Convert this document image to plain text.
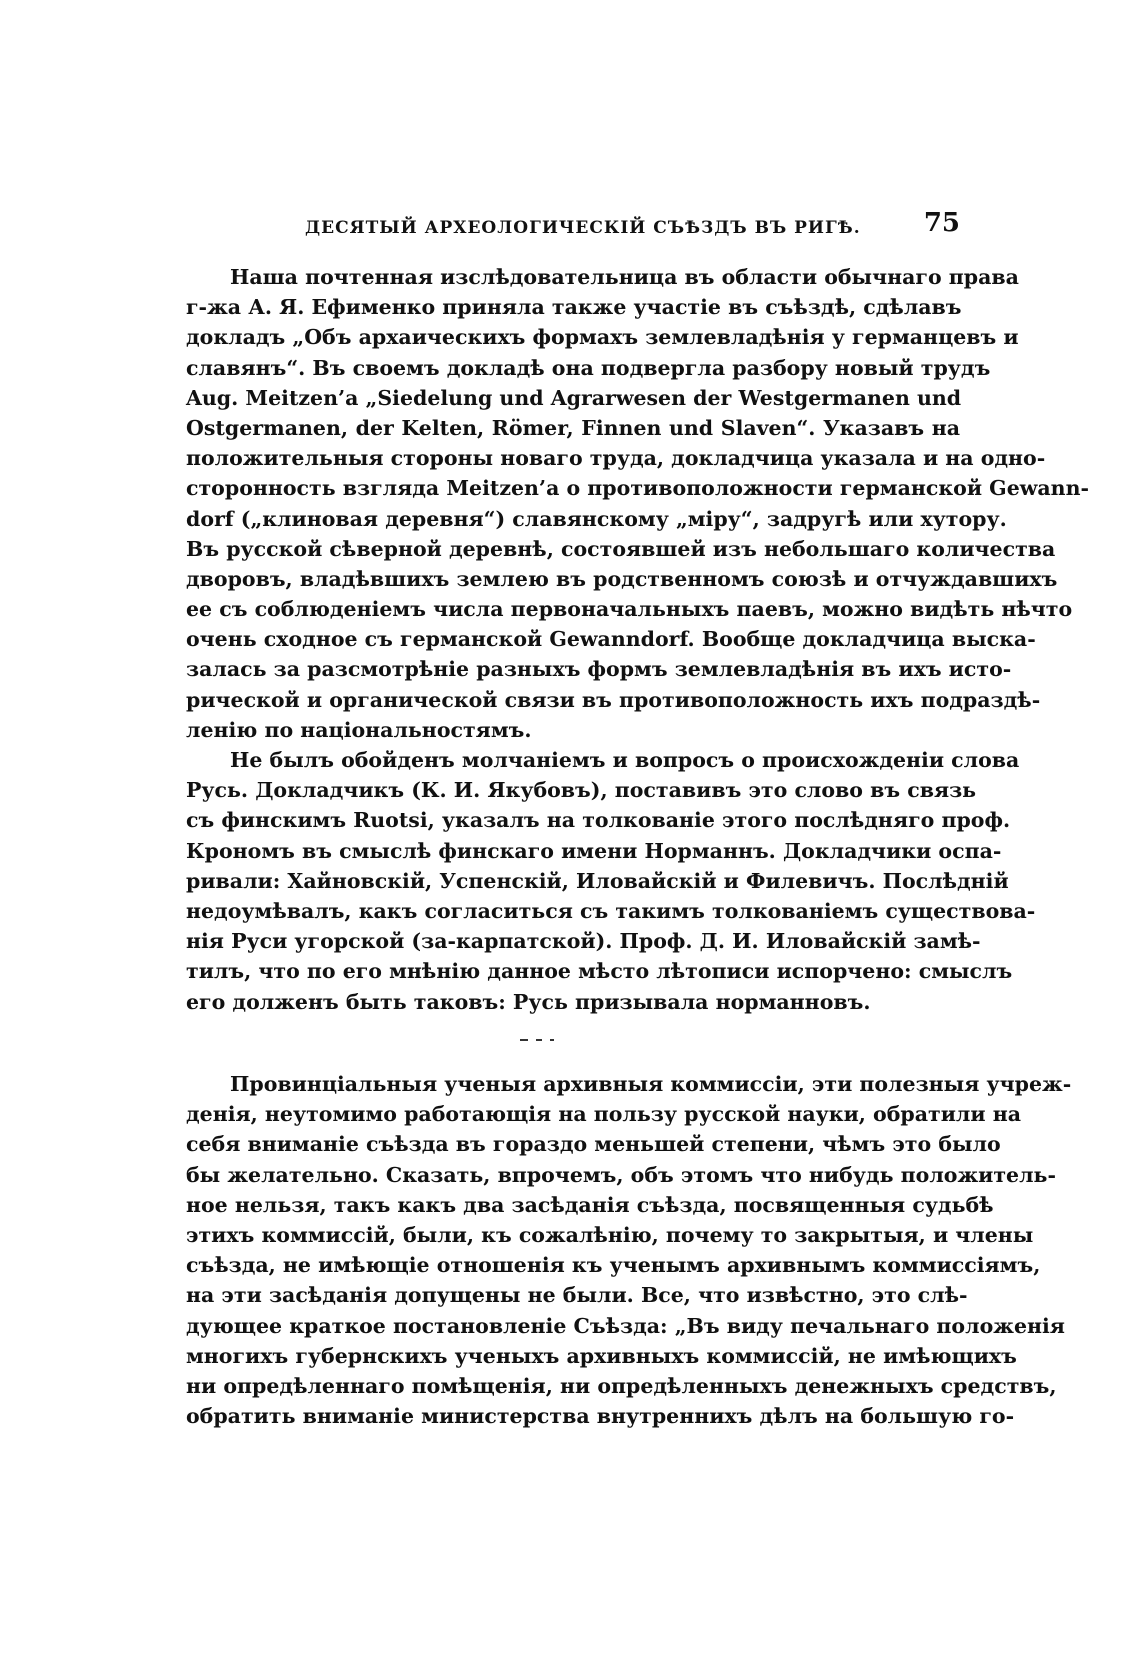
ДЕСЯТЫЙ АРХЕОЛОГИЧЕСКІЙ СЪѢЗДЪ ВЪ РИГѢ. 75
Наша почтенная изслѣдовательница въ области обычнаго права
г-жа А. Я. Ефименко приняла также участіе въ съѣздѣ, сдѣлавъ
докладъ „Объ архаическихъ формахъ землевладѣнія у германцевъ и
славянъ“. Въ своемъ докладѣ она подвергла разбору новый трудъ
Aug. Meitzen’a „Siedelung und Agrarwesen der Westgermanen und
Ostgermanen, der Kelten, Römer, Finnen und Slaven“. Указавъ на
положительныя стороны новаго труда, докладчица указала и на одно-
сторонность взгляда Meitzen’a о противоположности германской Gewann-
dorf („клиновая деревня“) славянскому „міру“, задругѣ или хутору.
Въ русской сѣверной деревнѣ, состоявшей изъ небольшаго количества
дворовъ, владѣвшихъ землею въ родственномъ союзѣ и отчуждавшихъ
ее съ соблюденіемъ числа первоначальныхъ паевъ, можно видѣть нѣчто
очень сходное съ германской Gewanndorf. Вообще докладчица выска-
залась за разсмотрѣніе разныхъ формъ землевладѣнія въ ихъ исто-
рической и органической связи въ противоположность ихъ подраздѣ-
ленію по національностямъ.
Не былъ обойденъ молчаніемъ и вопросъ о происхожденіи слова
Русь. Докладчикъ (К. И. Якубовъ), поставивъ это слово въ связь
съ финскимъ Ruotsi, указалъ на толкованіе этого послѣдняго проф.
Крономъ въ смыслѣ финскаго имени Норманнъ. Докладчики оспа-
ривали: Хайновскій, Успенскій, Иловайскій и Филевичъ. Послѣдній
недоумѣвалъ, какъ согласиться съ такимъ толкованіемъ существова-
нія Руси угорской (за-карпатской). Проф. Д. И. Иловайскій замѣ-
тилъ, что по его мнѣнію данное мѣсто лѣтописи испорчено: смыслъ
его долженъ быть таковъ: Русь призывала норманновъ.
Провинціальныя ученыя архивныя коммиссіи, эти полезныя учреж-
денія, неутомимо работающія на пользу русской науки, обратили на
себя вниманіе съѣзда въ гораздо меньшей степени, чѣмъ это было
бы желательно. Сказать, впрочемъ, объ этомъ что нибудь положитель-
ное нельзя, такъ какъ два засѣданія съѣзда, посвященныя судьбѣ
этихъ коммиссій, были, къ сожалѣнію, почему то закрытыя, и члены
съѣзда, не имѣющіе отношенія къ ученымъ архивнымъ коммиссіямъ,
на эти засѣданія допущены не были. Все, что извѣстно, это слѣ-
дующее краткое постановленіе Съѣзда: „Въ виду печальнаго положенія
многихъ губернскихъ ученыхъ архивныхъ коммиссій, не имѣющихъ
ни опредѣленнаго помѣщенія, ни опредѣленныхъ денежныхъ средствъ,
обратить вниманіе министерства внутреннихъ дѣлъ на большую го-
